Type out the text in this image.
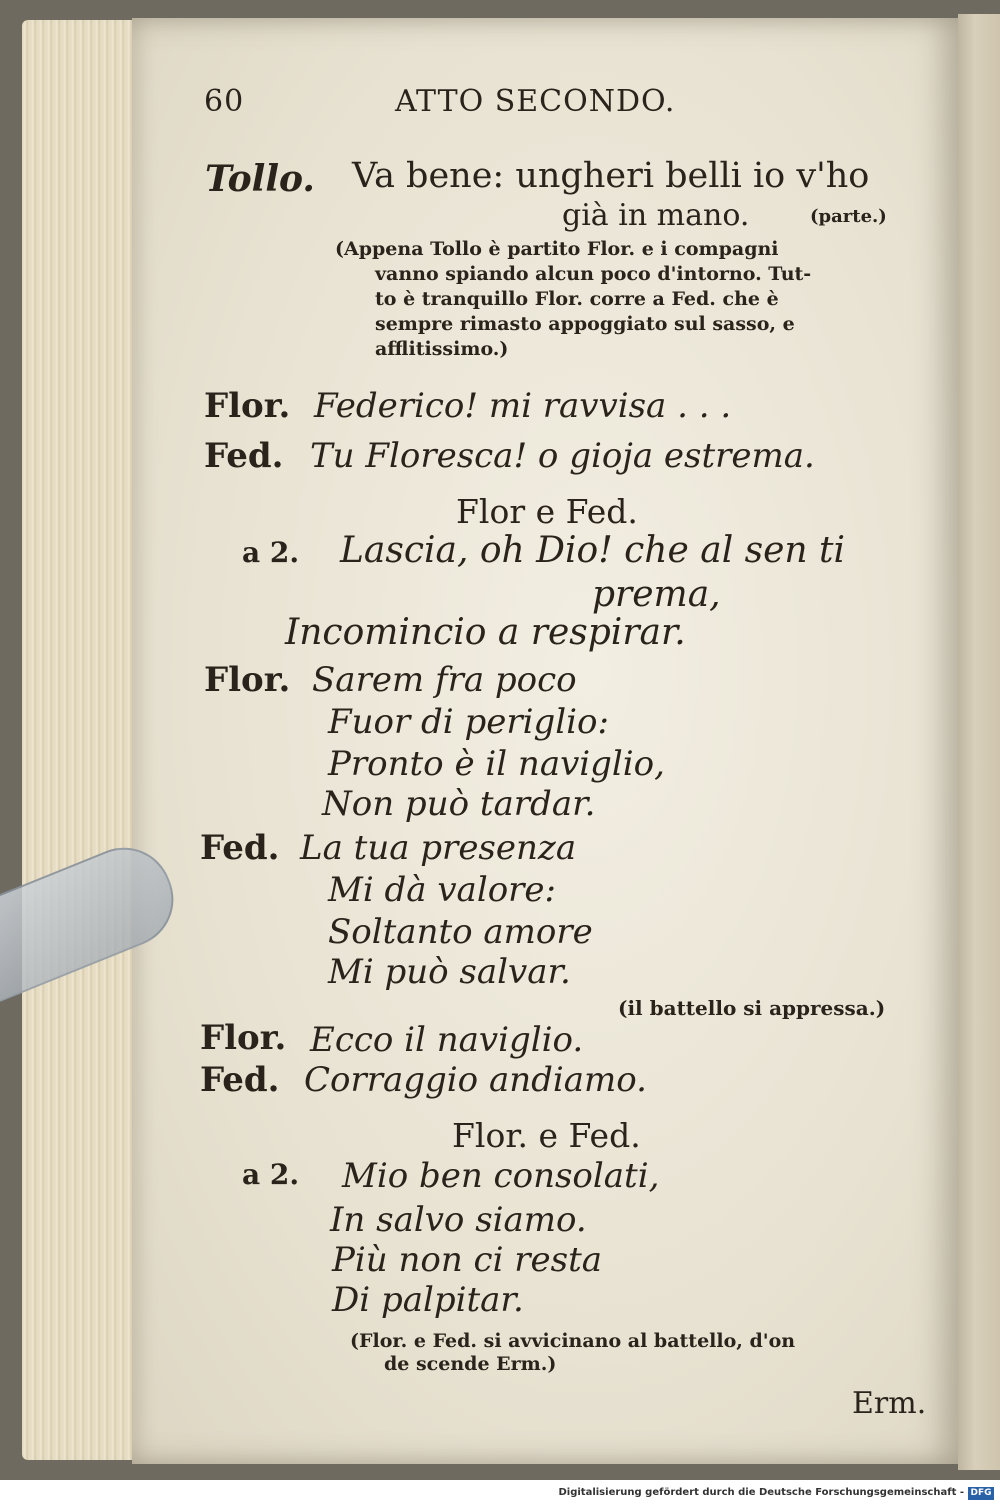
60	ATTO SECONDO.
Tollo. Va bene: ungheri belli io v'ho
già in mano.	(parte.)
(Appena Tollo è partito Flor. e i compagni
vanno spiando alcun poco d'intorno. Tut-
to è tranquillo Flor. corre a Fed. che è
sempre rimasto appoggiato sul sasso, e
afflitissimo.)
Flor. Federico! mi ravvisa . . .
Fed. Tu Floresca! o gioja estrema.
Flor e Fed.
a 2. Lascia, oh Dio! che al sen ti
prema,
Incomincio a respirar.
Flor. Sarem fra poco
Fuor di periglio:
Pronto è il naviglio,
Non può tardar.
Fed. La tua presenza
Mi dà valore:
Soltanto amore
Mi può salvar.
(il battello si appressa.)
Flor. Ecco il naviglio.
Fed. Corraggio andiamo.
Flor. e Fed.
a 2. Mio ben consolati,
In salvo siamo.
Più non ci resta
Di palpitar.
(Flor. e Fed. si avvicinano al battello, d'on
de scende Erm.)
Erm.
Digitalisierung gefördert durch die Deutsche Forschungsgemeinschaft - DFG
